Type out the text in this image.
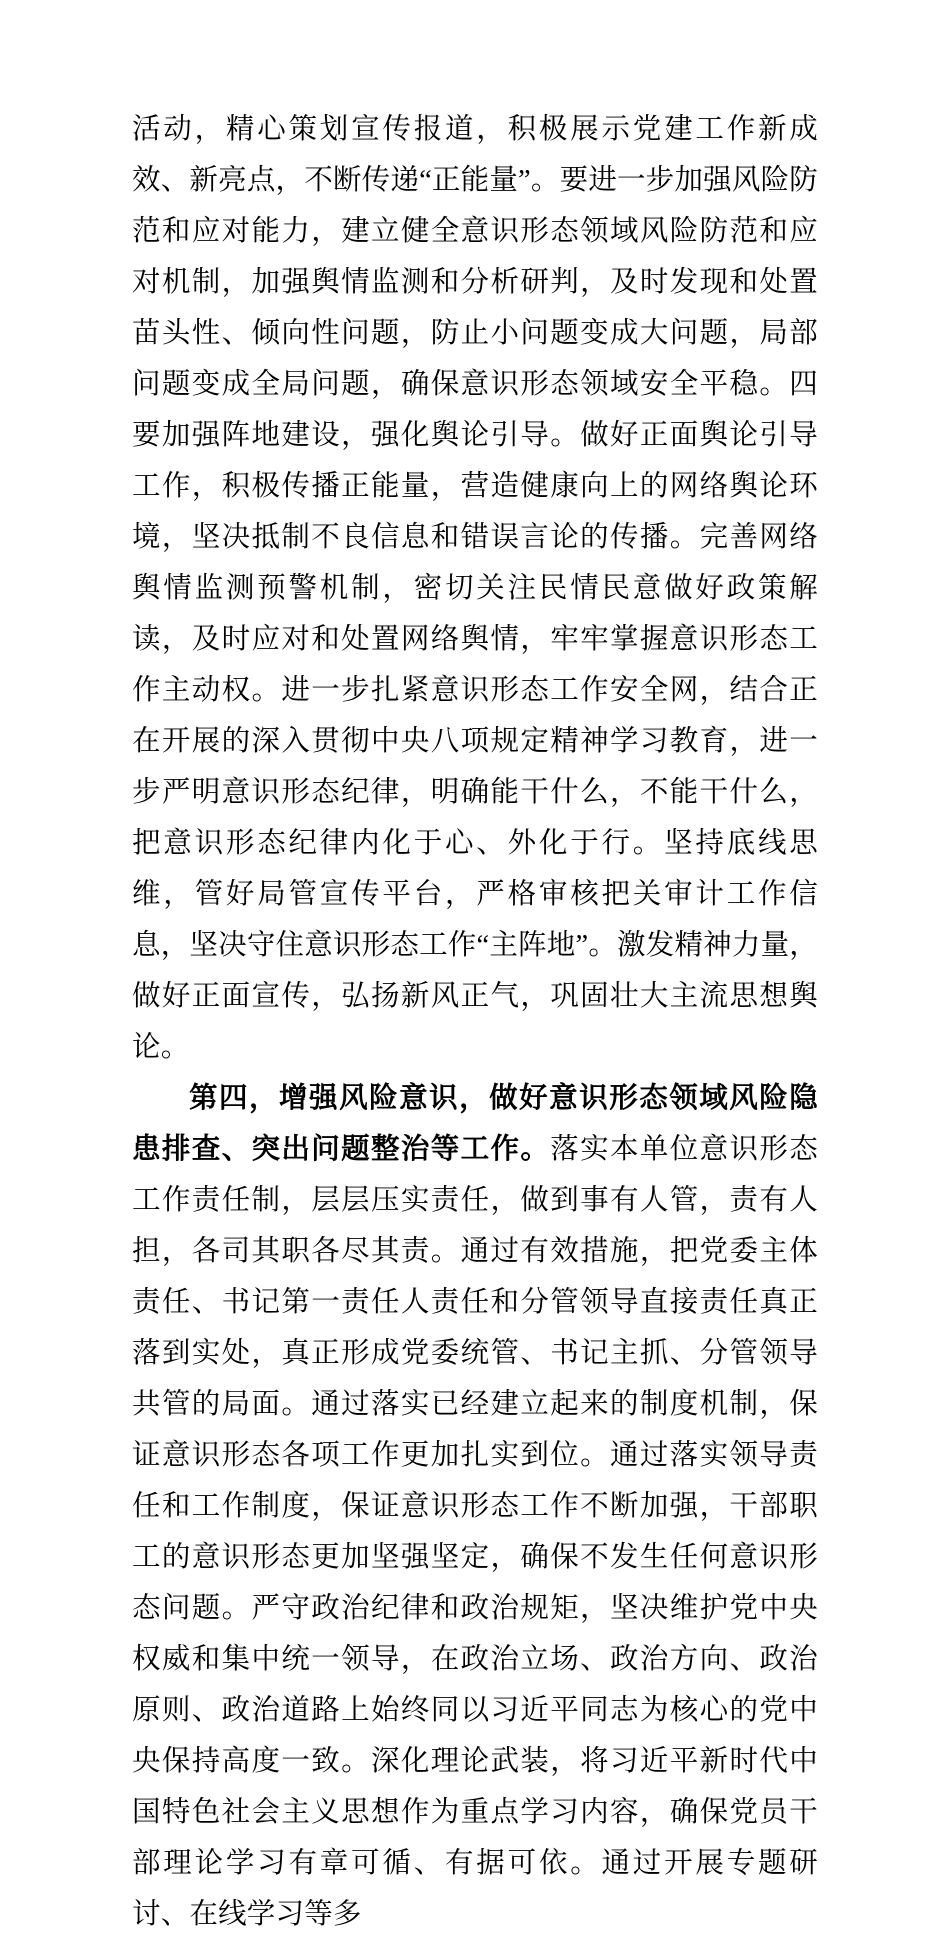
活动，精心策划宣传报道，积极展示党建工作新成效、新亮点，不断传递“正能量”。要进一步加强风险防范和应对能力，建立健全意识形态领域风险防范和应对机制，加强舆情监测和分析研判，及时发现和处置苗头性、倾向性问题，防止小问题变成大问题，局部问题变成全局问题，确保意识形态领域安全平稳。四要加强阵地建设，强化舆论引导。做好正面舆论引导工作，积极传播正能量，营造健康向上的网络舆论环境，坚决抵制不良信息和错误言论的传播。完善网络舆情监测预警机制，密切关注民情民意做好政策解读，及时应对和处置网络舆情，牢牢掌握意识形态工作主动权。进一步扎紧意识形态工作安全网，结合正在开展的深入贯彻中央八项规定精神学习教育，进一步严明意识形态纪律，明确能干什么，不能干什么，把意识形态纪律内化于心、外化于行。坚持底线思维，管好局管宣传平台，严格审核把关审计工作信息，坚决守住意识形态工作“主阵地”。激发精神力量，做好正面宣传，弘扬新风正气，巩固壮大主流思想舆论。

第四，增强风险意识，做好意识形态领域风险隐患排查、突出问题整治等工作。落实本单位意识形态工作责任制，层层压实责任，做到事有人管，责有人担，各司其职各尽其责。通过有效措施，把党委主体责任、书记第一责任人责任和分管领导直接责任真正落到实处，真正形成党委统管、书记主抓、分管领导共管的局面。通过落实已经建立起来的制度机制，保证意识形态各项工作更加扎实到位。通过落实领导责任和工作制度，保证意识形态工作不断加强，干部职工的意识形态更加坚强坚定，确保不发生任何意识形态问题。严守政治纪律和政治规矩，坚决维护党中央权威和集中统一领导，在政治立场、政治方向、政治原则、政治道路上始终同以习近平同志为核心的党中央保持高度一致。深化理论武装，将习近平新时代中国特色社会主义思想作为重点学习内容，确保党员干部理论学习有章可循、有据可依。通过开展专题研讨、在线学习等多
